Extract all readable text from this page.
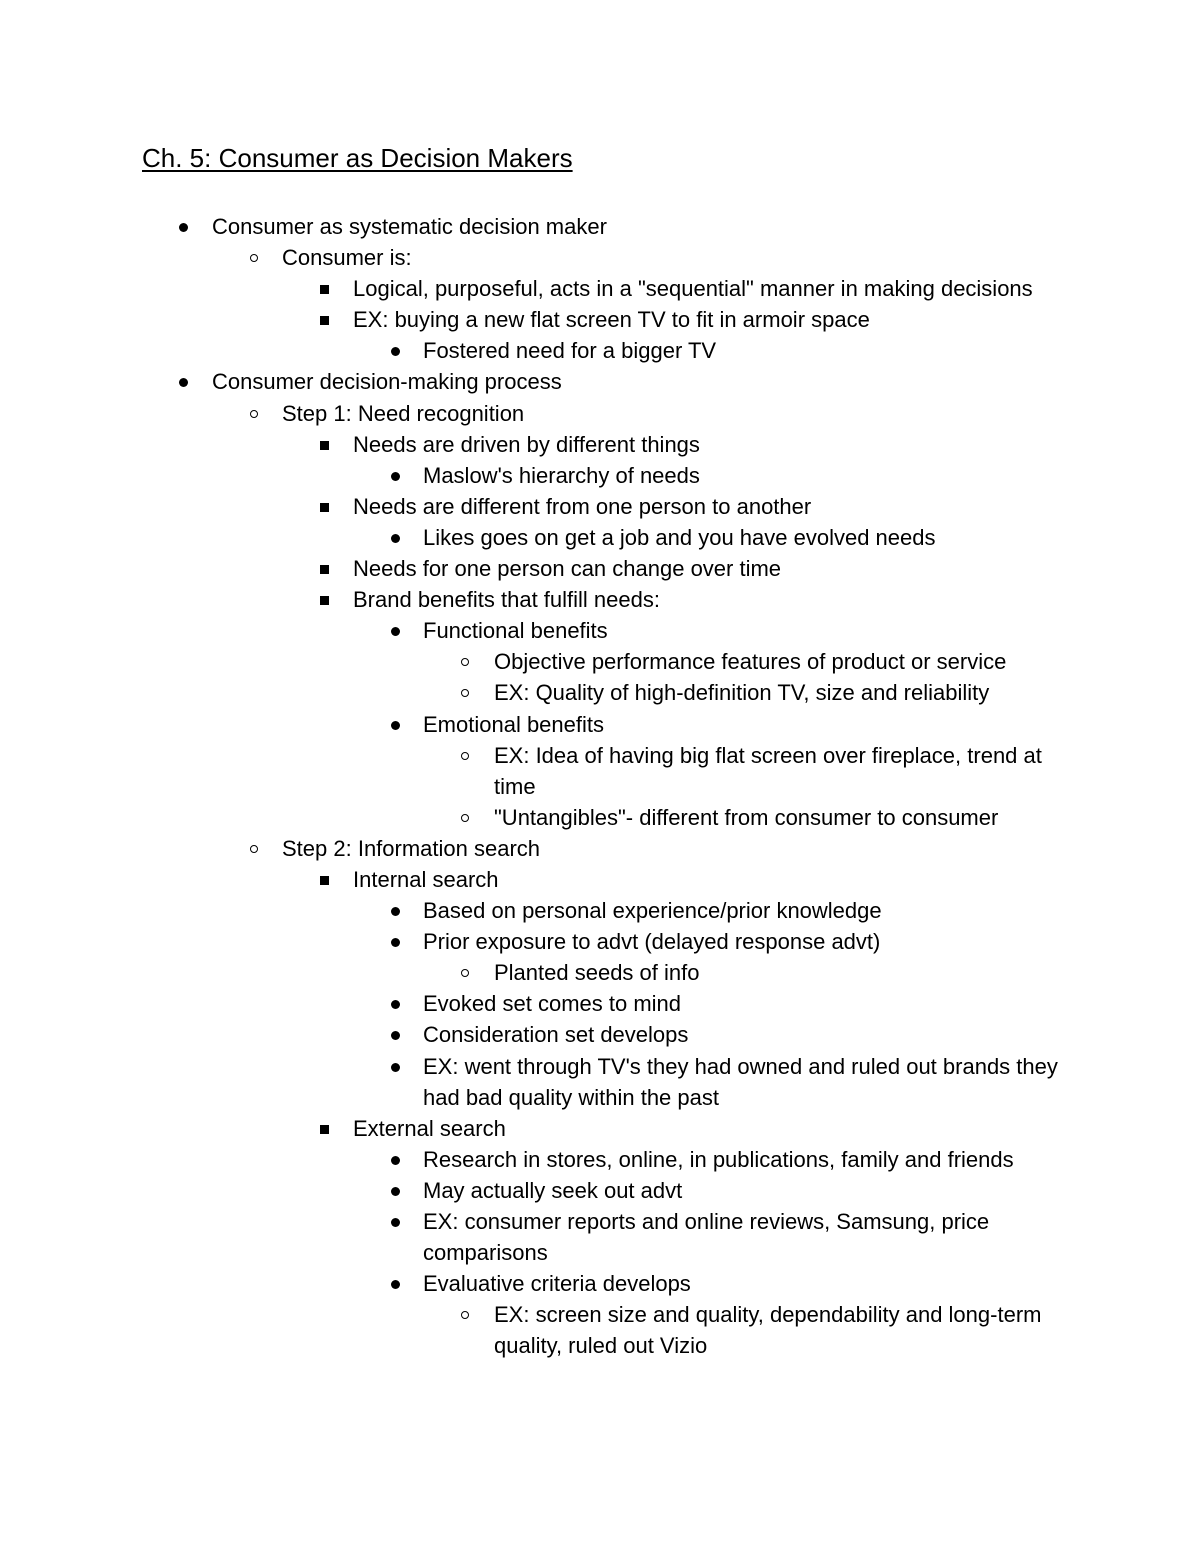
Ch. 5: Consumer as Decision Makers
Consumer as systematic decision maker
Consumer is:
Logical, purposeful, acts in a "sequential" manner in making decisions
EX: buying a new flat screen TV to fit in armoir space
Fostered need for a bigger TV
Consumer decision-making process
Step 1: Need recognition
Needs are driven by different things
Maslow's hierarchy of needs
Needs are different from one person to another
Likes goes on get a job and you have evolved needs
Needs for one person can change over time
Brand benefits that fulfill needs:
Functional benefits
Objective performance features of product or service
EX: Quality of high-definition TV, size and reliability
Emotional benefits
EX: Idea of having big flat screen over fireplace, trend at time
"Untangibles"- different from consumer to consumer
Step 2: Information search
Internal search
Based on personal experience/prior knowledge
Prior exposure to advt (delayed response advt)
Planted seeds of info
Evoked set comes to mind
Consideration set develops
EX: went through TV's they had owned and ruled out brands they had bad quality within the past
External search
Research in stores, online, in publications, family and friends
May actually seek out advt
EX: consumer reports and online reviews, Samsung, price comparisons
Evaluative criteria develops
EX: screen size and quality, dependability and long-term quality, ruled out Vizio
